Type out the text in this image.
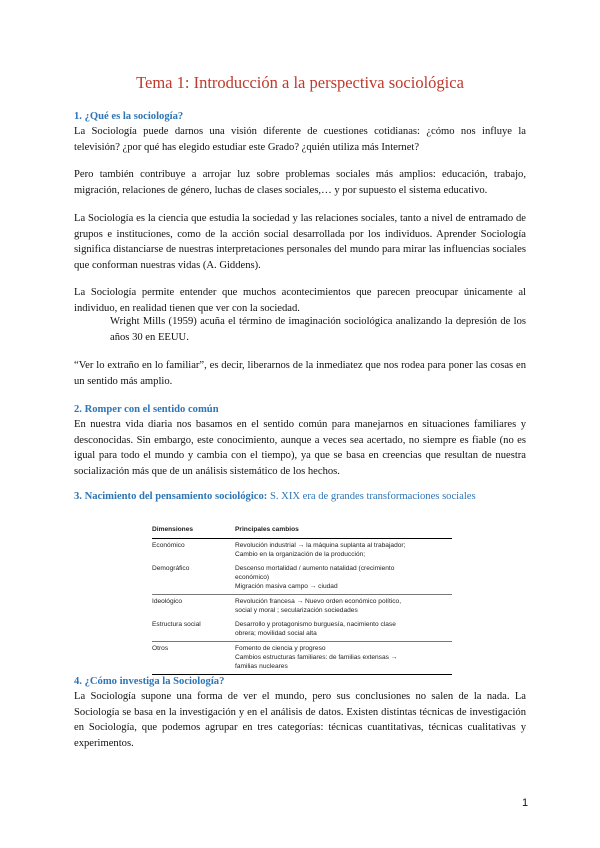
Tema 1: Introducción a la perspectiva sociológica
1. ¿Qué es la sociología?
La Sociología puede darnos una visión diferente de cuestiones cotidianas: ¿cómo nos influye la televisión? ¿por qué has elegido estudiar este Grado? ¿quién utiliza más Internet?
Pero también contribuye a arrojar luz sobre problemas sociales más amplios: educación, trabajo, migración, relaciones de género, luchas de clases sociales,… y por supuesto el sistema educativo.
La Sociología es la ciencia que estudia la sociedad y las relaciones sociales, tanto a nivel de entramado de grupos e instituciones, como de la acción social desarrollada por los individuos. Aprender Sociología significa distanciarse de nuestras interpretaciones personales del mundo para mirar las influencias sociales que conforman nuestras vidas (A. Giddens).
La Sociología permite entender que muchos acontecimientos que parecen preocupar únicamente al individuo, en realidad tienen que ver con la sociedad.
Wright Mills (1959) acuña el término de imaginación sociológica analizando la depresión de los años 30 en EEUU.
“Ver lo extraño en lo familiar”, es decir, liberarnos de la inmediatez que nos rodea para poner las cosas en un sentido más amplio.
2. Romper con el sentido común
En nuestra vida diaria nos basamos en el sentido común para manejarnos en situaciones familiares y desconocidas. Sin embargo, este conocimiento, aunque a veces sea acertado, no siempre es fiable (no es igual para todo el mundo y cambia con el tiempo), ya que se basa en creencias que resultan de nuestra socialización más que de un análisis sistemático de los hechos.
3. Nacimiento del pensamiento sociológico: S. XIX era de grandes transformaciones sociales
Dimensiones	Principales cambios
Económico	Revolución industrial → la máquina suplanta al trabajador;
Cambio en la organización de la producción;
Demográfico	Descenso mortalidad / aumento natalidad (crecimiento
económico)
Migración masiva campo → ciudad
Ideológico	Revolución francesa → Nuevo orden económico político,
social y moral ; secularización sociedades
Estructura social	Desarrollo y protagonismo burguesía, nacimiento clase
obrera; movilidad social alta
Otros	Fomento de ciencia y progreso
Cambios estructuras familiares: de familias extensas →
familias nucleares
4. ¿Cómo investiga la Sociología?
La Sociología supone una forma de ver el mundo, pero sus conclusiones no salen de la nada. La Sociología se basa en la investigación y en el análisis de datos. Existen distintas técnicas de investigación en Sociología, que podemos agrupar en tres categorías: técnicas cuantitativas, técnicas cualitativas y experimentos.
1
